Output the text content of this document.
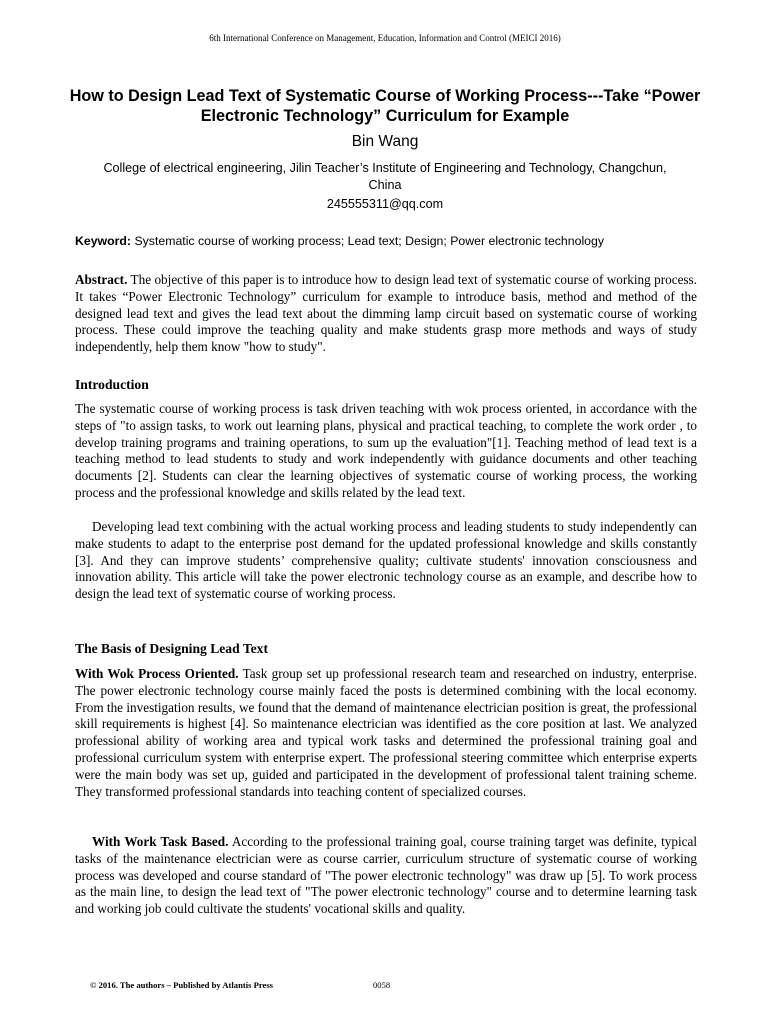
6th International Conference on Management, Education, Information and Control (MEICI 2016)
How to Design Lead Text of Systematic Course of Working Process---Take “Power Electronic Technology” Curriculum for Example
Bin Wang
College of electrical engineering, Jilin Teacher’s Institute of Engineering and Technology, Changchun, China
245555311@qq.com
Keyword: Systematic course of working process; Lead text; Design; Power electronic technology
Abstract. The objective of this paper is to introduce how to design lead text of systematic course of working process. It takes “Power Electronic Technology” curriculum for example to introduce basis, method and method of the designed lead text and gives the lead text about the dimming lamp circuit based on systematic course of working process. These could improve the teaching quality and make students grasp more methods and ways of study independently, help them know "how to study".
Introduction
The systematic course of working process is task driven teaching with wok process oriented, in accordance with the steps of "to assign tasks, to work out learning plans, physical and practical teaching, to complete the work order , to develop training programs and training operations, to sum up the evaluation"[1]. Teaching method of lead text is a teaching method to lead students to study and work independently with guidance documents and other teaching documents [2]. Students can clear the learning objectives of systematic course of working process, the working process and the professional knowledge and skills related by the lead text.
Developing lead text combining with the actual working process and leading students to study independently can make students to adapt to the enterprise post demand for the updated professional knowledge and skills constantly [3]. And they can improve students’ comprehensive quality; cultivate students' innovation consciousness and innovation ability. This article will take the power electronic technology course as an example, and describe how to design the lead text of systematic course of working process.
The Basis of Designing Lead Text
With Wok Process Oriented. Task group set up professional research team and researched on industry, enterprise. The power electronic technology course mainly faced the posts is determined combining with the local economy. From the investigation results, we found that the demand of maintenance electrician position is great, the professional skill requirements is highest [4]. So maintenance electrician was identified as the core position at last. We analyzed professional ability of working area and typical work tasks and determined the professional training goal and professional curriculum system with enterprise expert. The professional steering committee which enterprise experts were the main body was set up, guided and participated in the development of professional talent training scheme. They transformed professional standards into teaching content of specialized courses.
With Work Task Based. According to the professional training goal, course training target was definite, typical tasks of the maintenance electrician were as course carrier, curriculum structure of systematic course of working process was developed and course standard of "The power electronic technology" was draw up [5]. To work process as the main line, to design the lead text of "The power electronic technology" course and to determine learning task and working job could cultivate the students' vocational skills and quality.
© 2016. The authors – Published by Atlantis Press	0058
